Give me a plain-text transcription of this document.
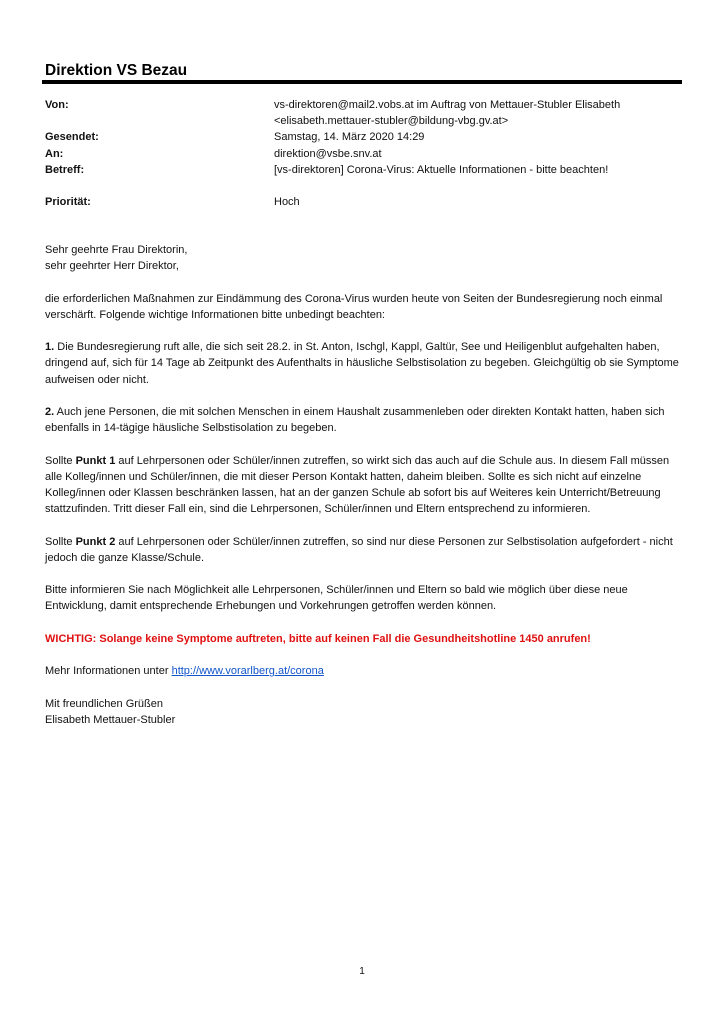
Direktion VS Bezau
Von:	vs-direktoren@mail2.vobs.at im Auftrag von Mettauer-Stubler Elisabeth
<elisabeth.mettauer-stubler@bildung-vbg.gv.at>
Gesendet:	Samstag, 14. März 2020 14:29
An:	direktion@vsbe.snv.at
Betreff:	[vs-direktoren] Corona-Virus: Aktuelle Informationen - bitte beachten!
Priorität:	Hoch

Sehr geehrte Frau Direktorin,
sehr geehrter Herr Direktor,

die erforderlichen Maßnahmen zur Eindämmung des Corona-Virus wurden heute von Seiten der Bundesregierung noch einmal verschärft. Folgende wichtige Informationen bitte unbedingt beachten:

1. Die Bundesregierung ruft alle, die sich seit 28.2. in St. Anton, Ischgl, Kappl, Galtür, See und Heiligenblut aufgehalten haben, dringend auf, sich für 14 Tage ab Zeitpunkt des Aufenthalts in häusliche Selbstisolation zu begeben. Gleichgültig ob sie Symptome aufweisen oder nicht.

2. Auch jene Personen, die mit solchen Menschen in einem Haushalt zusammenleben oder direkten Kontakt hatten, haben sich ebenfalls in 14-tägige häusliche Selbstisolation zu begeben.

Sollte Punkt 1 auf Lehrpersonen oder Schüler/innen zutreffen, so wirkt sich das auch auf die Schule aus. In diesem Fall müssen alle Kolleg/innen und Schüler/innen, die mit dieser Person Kontakt hatten, daheim bleiben. Sollte es sich nicht auf einzelne Kolleg/innen oder Klassen beschränken lassen, hat an der ganzen Schule ab sofort bis auf Weiteres kein Unterricht/Betreuung stattzufinden. Tritt dieser Fall ein, sind die Lehrpersonen, Schüler/innen und Eltern entsprechend zu informieren.

Sollte Punkt 2 auf Lehrpersonen oder Schüler/innen zutreffen, so sind nur diese Personen zur Selbstisolation aufgefordert - nicht jedoch die ganze Klasse/Schule.

Bitte informieren Sie nach Möglichkeit alle Lehrpersonen, Schüler/innen und Eltern so bald wie möglich über diese neue Entwicklung, damit entsprechende Erhebungen und Vorkehrungen getroffen werden können.

WICHTIG: Solange keine Symptome auftreten, bitte auf keinen Fall die Gesundheitshotline 1450 anrufen!

Mehr Informationen unter http://www.vorarlberg.at/corona

Mit freundlichen Grüßen
Elisabeth Mettauer-Stubler

1
